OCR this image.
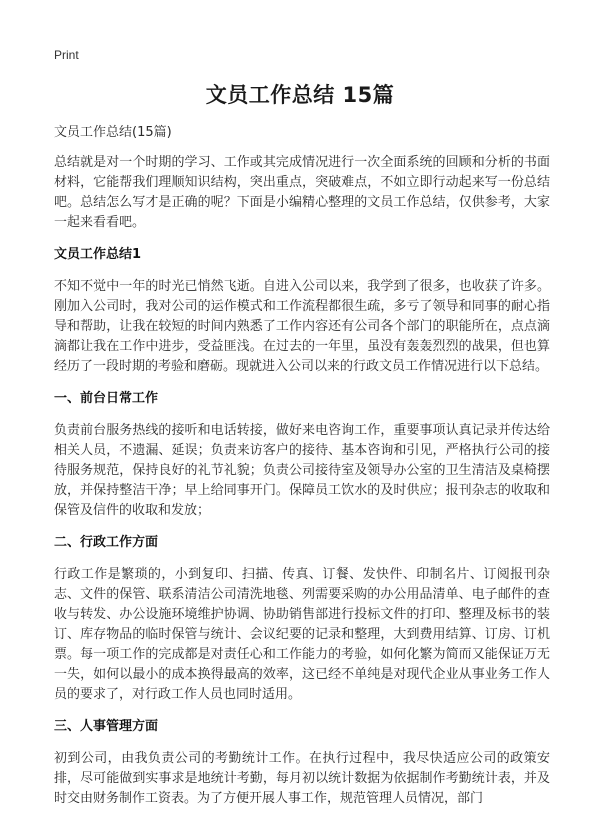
Print
文员工作总结 15篇

文员工作总结(15篇)

总结就是对一个时期的学习、工作或其完成情况进行一次全面系统的回顾和分析的书面材料，它能帮我们理顺知识结构，突出重点，突破难点，不如立即行动起来写一份总结吧。总结怎么写才是正确的呢？下面是小编精心整理的文员工作总结，仅供参考，大家一起来看看吧。

文员工作总结1

不知不觉中一年的时光已悄然飞逝。自进入公司以来，我学到了很多，也收获了许多。刚加入公司时，我对公司的运作模式和工作流程都很生疏，多亏了领导和同事的耐心指导和帮助，让我在较短的时间内熟悉了工作内容还有公司各个部门的职能所在，点点滴滴都让我在工作中进步，受益匪浅。在过去的一年里，虽没有轰轰烈烈的战果，但也算经历了一段时期的考验和磨砺。现就进入公司以来的行政文员工作情况进行以下总结。

一、前台日常工作

负责前台服务热线的接听和电话转接，做好来电咨询工作，重要事项认真记录并传达给相关人员，不遗漏、延误；负责来访客户的接待、基本咨询和引见，严格执行公司的接待服务规范，保持良好的礼节礼貌；负责公司接待室及领导办公室的卫生清洁及桌椅摆放，并保持整洁干净；早上给同事开门。保障员工饮水的及时供应；报刊杂志的收取和保管及信件的收取和发放；

二、行政工作方面

行政工作是繁琐的，小到复印、扫描、传真、订餐、发快件、印制名片、订阅报刊杂志、文件的保管、联系清洁公司清洗地毯、列需要采购的办公用品清单、电子邮件的查收与转发、办公设施环境维护协调、协助销售部进行投标文件的打印、整理及标书的装订、库存物品的临时保管与统计、会议纪要的记录和整理，大到费用结算、订房、订机票。每一项工作的完成都是对责任心和工作能力的考验，如何化繁为简而又能保证万无一失，如何以最小的成本换得最高的效率，这已经不单纯是对现代企业从事业务工作人员的要求了，对行政工作人员也同时适用。

三、人事管理方面

初到公司，由我负责公司的考勤统计工作。在执行过程中，我尽快适应公司的政策安排，尽可能做到实事求是地统计考勤，每月初以统计数据为依据制作考勤统计表，并及时交由财务制作工资表。为了方便开展人事工作，规范管理人员情况，部门
